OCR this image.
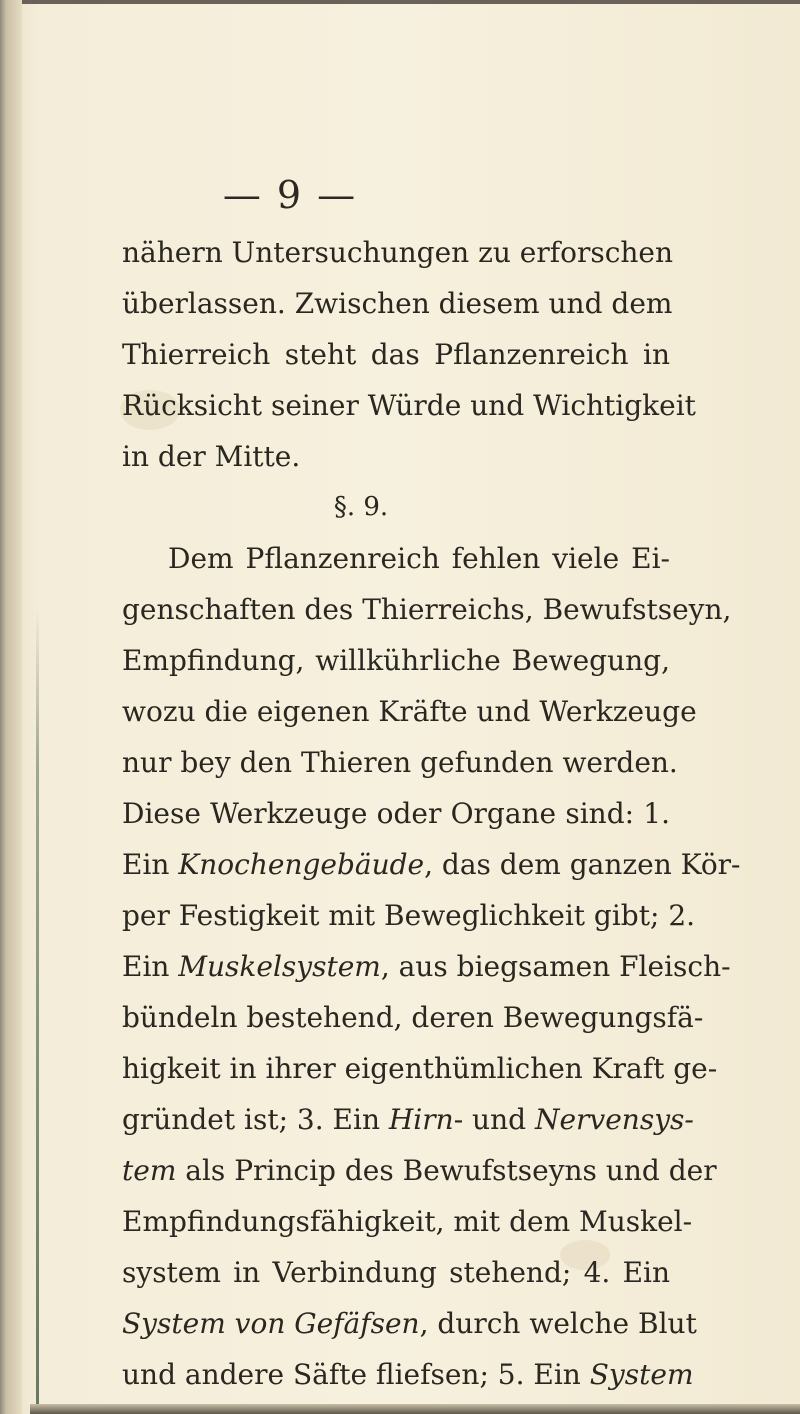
— 9 —
nähern Untersuchungen zu erforschen
überlassen. Zwischen diesem und dem
Thierreich steht das Pflanzenreich in
Rücksicht seiner Würde und Wichtigkeit
in der Mitte.
§. 9.
Dem Pflanzenreich fehlen viele Ei-
genschaften des Thierreichs, Bewufstseyn,
Empfindung, willkührliche Bewegung,
wozu die eigenen Kräfte und Werkzeuge
nur bey den Thieren gefunden werden.
Diese Werkzeuge oder Organe sind: 1.
Ein Knochengebäude, das dem ganzen Kör-
per Festigkeit mit Beweglichkeit gibt; 2.
Ein Muskelsystem, aus biegsamen Fleisch-
bündeln bestehend, deren Bewegungsfä-
higkeit in ihrer eigenthümlichen Kraft ge-
gründet ist; 3. Ein Hirn- und Nervensys-
tem als Princip des Bewufstseyns und der
Empfindungsfähigkeit, mit dem Muskel-
system in Verbindung stehend; 4. Ein
System von Gefäfsen, durch welche Blut
und andere Säfte fliefsen; 5. Ein System
